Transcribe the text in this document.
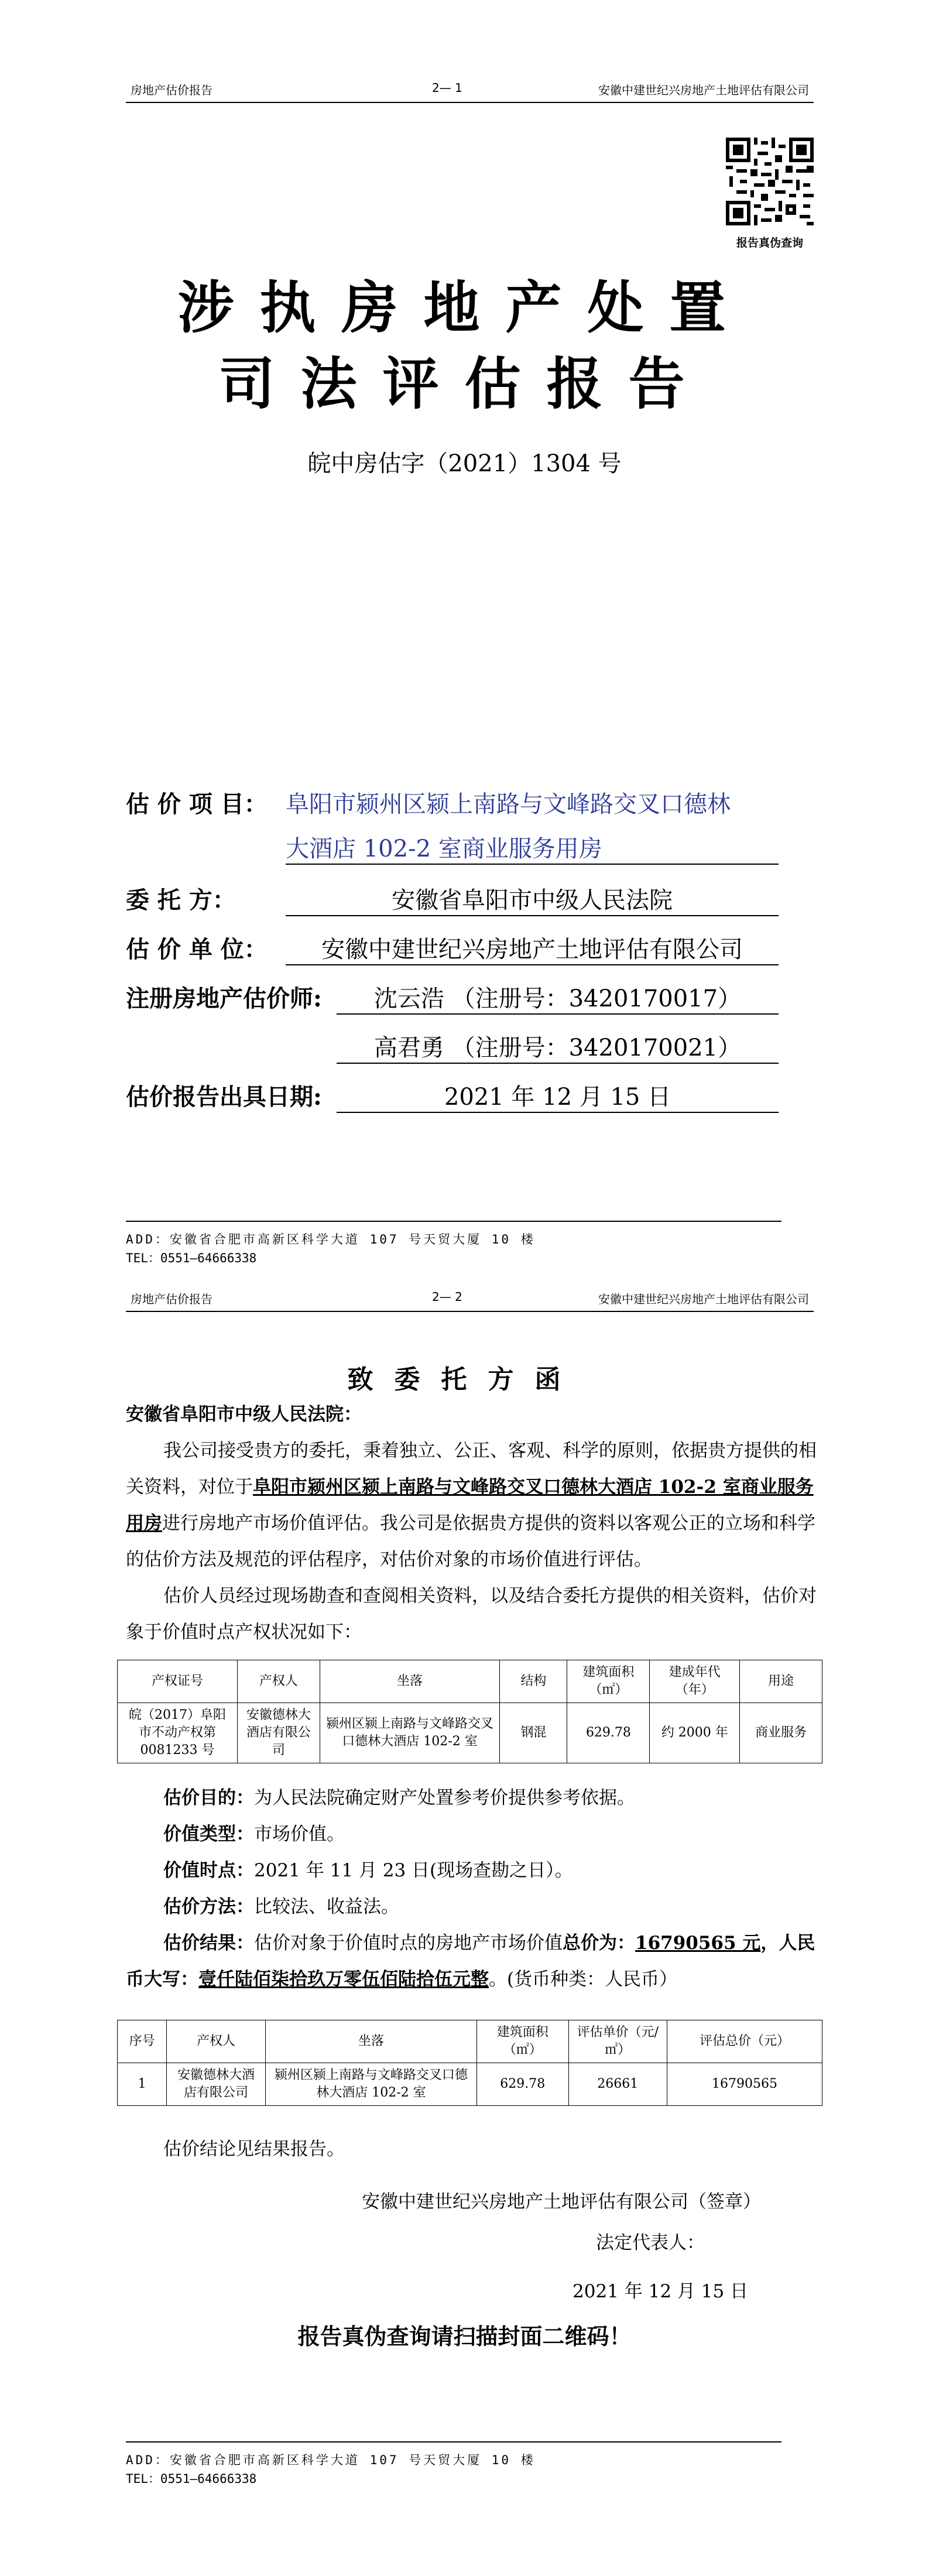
房地产估价报告	2— 1	安徽中建世纪兴房地产土地评估有限公司
报告真伪查询
涉执房地产处置
司法评估报告
皖中房估字（2021）1304 号
估 价 项 目： 阜阳市颍州区颍上南路与文峰路交叉口德林
大酒店 102-2 室商业服务用房
委 托 方：	安徽省阜阳市中级人民法院
估 价 单 位：	安徽中建世纪兴房地产土地评估有限公司
注册房地产估价师:	沈云浩 （注册号：3420170017）
高君勇 （注册号：3420170021）
估价报告出具日期:	2021 年 12 月 15 日
ADD：安徽省合肥市高新区科学大道 107 号天贸大厦 10 楼
TEL：0551—64666338
房地产估价报告	2— 2	安徽中建世纪兴房地产土地评估有限公司
致委托方函

安徽省阜阳市中级人民法院：

我公司接受贵方的委托，秉着独立、公正、客观、科学的原则，依据贵方提供的相关资料，对位于阜阳市颍州区颍上南路与文峰路交叉口德林大酒店 102-2 室商业服务用房进行房地产市场价值评估。我公司是依据贵方提供的资料以客观公正的立场和科学的估价方法及规范的评估程序，对估价对象的市场价值进行评估。

估价人员经过现场勘查和查阅相关资料，以及结合委托方提供的相关资料，估价对象于价值时点产权状况如下：

产权证号	产权人	坐落	结构	建筑面积（㎡）	建成年代（年）	用途
皖（2017）阜阳市不动产权第 0081233 号	安徽德林大酒店有限公司	颍州区颍上南路与文峰路交叉口德林大酒店 102-2 室	钢混	629.78	约 2000 年	商业服务

估价目的：为人民法院确定财产处置参考价提供参考依据。

价值类型：市场价值。

价值时点：2021 年 11 月 23 日(现场查勘之日）。

估价方法：比较法、收益法。

估价结果：估价对象于价值时点的房地产市场价值总价为：16790565 元，人民币大写：壹仟陆佰柒拾玖万零伍佰陆拾伍元整。(货币种类：人民币）

序号	产权人	坐落	建筑面积（㎡）	评估单价（元/㎡）	评估总价（元）
1	安徽德林大酒店有限公司	颍州区颍上南路与文峰路交叉口德林大酒店 102-2 室	629.78	26661	16790565

估价结论见结果报告。

安徽中建世纪兴房地产土地评估有限公司（签章）
法定代表人：
2021 年 12 月 15 日
报告真伪查询请扫描封面二维码！
ADD：安徽省合肥市高新区科学大道 107 号天贸大厦 10 楼
TEL：0551—64666338
